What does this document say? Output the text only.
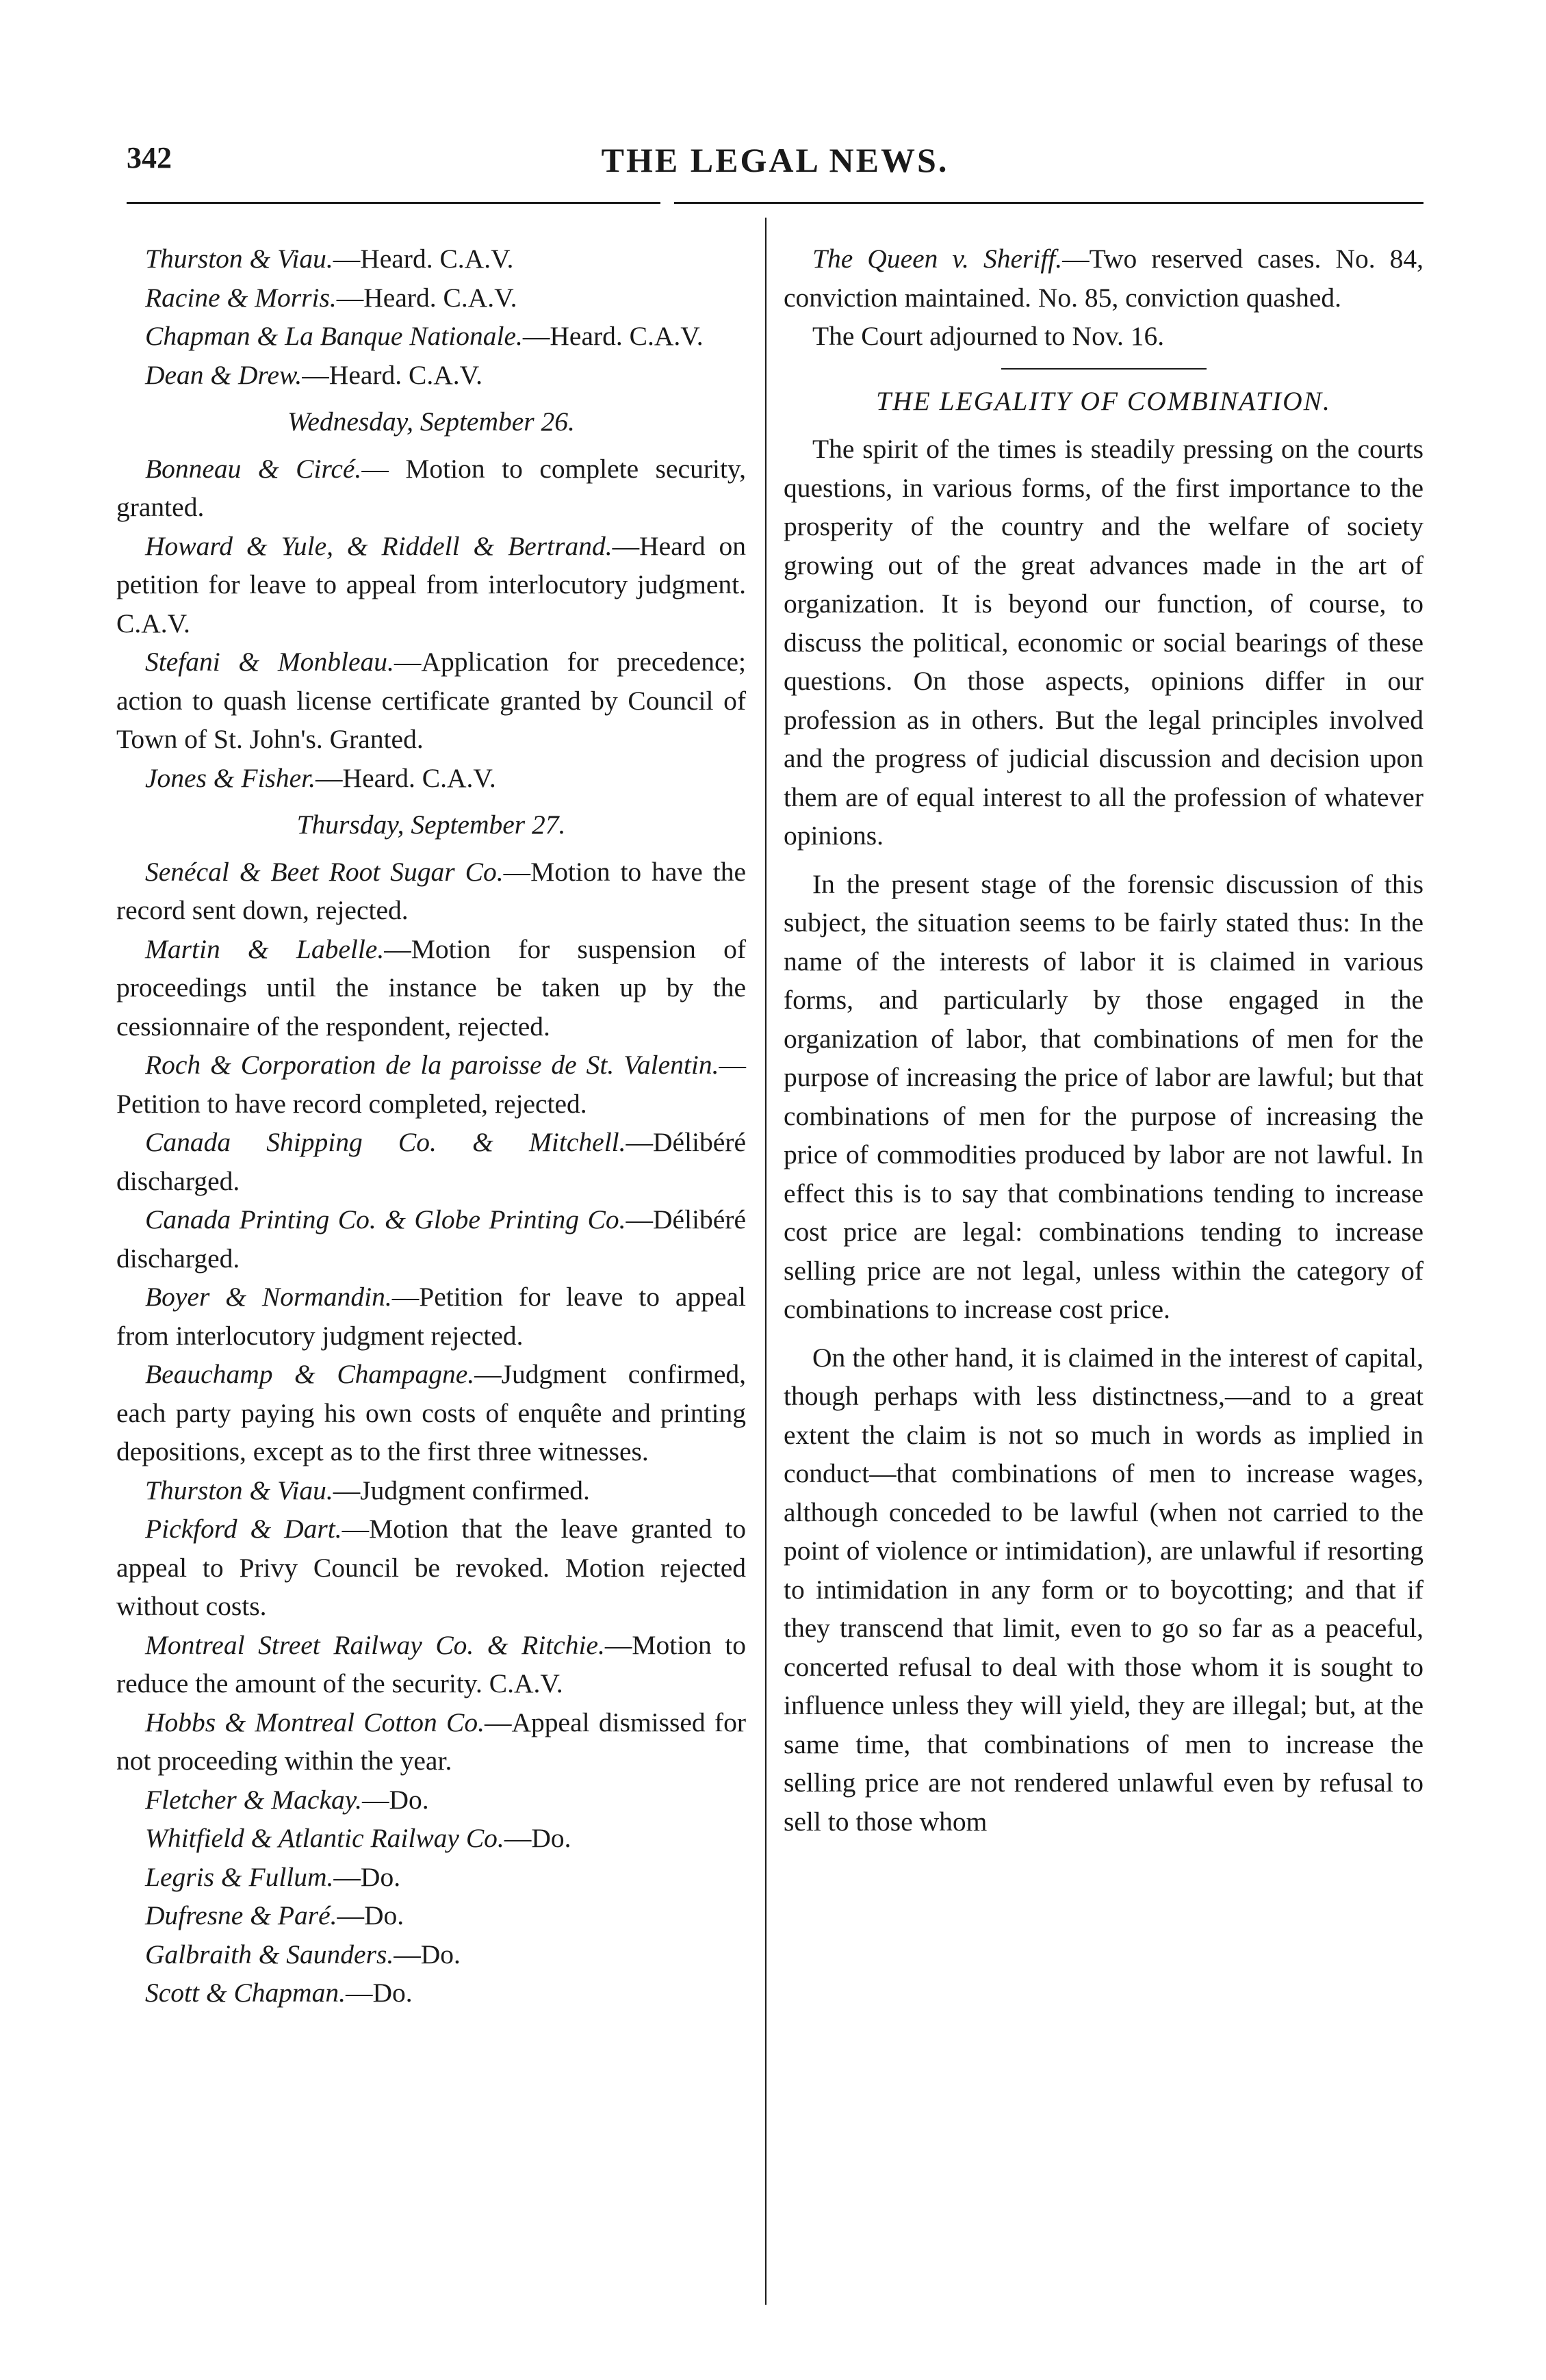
342	THE LEGAL NEWS.

Thurston & Viau.—Heard. C.A.V.

Racine & Morris.—Heard. C.A.V.

Chapman & La Banque Nationale.—Heard. C.A.V.

Dean & Drew.—Heard. C.A.V.

Wednesday, September 26.

Bonneau & Circé.— Motion to complete security, granted.

Howard & Yule, & Riddell & Bertrand.—Heard on petition for leave to appeal from interlocutory judgment. C.A.V.

Stefani & Monbleau.—Application for precedence; action to quash license certificate granted by Council of Town of St. John's. Granted.

Jones & Fisher.—Heard. C.A.V.

Thursday, September 27.

Senécal & Beet Root Sugar Co.—Motion to have the record sent down, rejected.

Martin & Labelle.—Motion for suspension of proceedings until the instance be taken up by the cessionnaire of the respondent, rejected.

Roch & Corporation de la paroisse de St. Valentin.—Petition to have record completed, rejected.

Canada Shipping Co. & Mitchell.—Délibéré discharged.

Canada Printing Co. & Globe Printing Co.—Délibéré discharged.

Boyer & Normandin.—Petition for leave to appeal from interlocutory judgment rejected.

Beauchamp & Champagne.—Judgment confirmed, each party paying his own costs of enquête and printing depositions, except as to the first three witnesses.

Thurston & Viau.—Judgment confirmed.

Pickford & Dart.—Motion that the leave granted to appeal to Privy Council be revoked. Motion rejected without costs.

Montreal Street Railway Co. & Ritchie.—Motion to reduce the amount of the security. C.A.V.

Hobbs & Montreal Cotton Co.—Appeal dismissed for not proceeding within the year.

Fletcher & Mackay.—Do.

Whitfield & Atlantic Railway Co.—Do.

Legris & Fullum.—Do.

Dufresne & Paré.—Do.

Galbraith & Saunders.—Do.

Scott & Chapman.—Do.

The Queen v. Sheriff.—Two reserved cases. No. 84, conviction maintained. No. 85, conviction quashed.

The Court adjourned to Nov. 16.

THE LEGALITY OF COMBINATION.

The spirit of the times is steadily pressing on the courts questions, in various forms, of the first importance to the prosperity of the country and the welfare of society growing out of the great advances made in the art of organization. It is beyond our function, of course, to discuss the political, economic or social bearings of these questions. On those aspects, opinions differ in our profession as in others. But the legal principles involved and the progress of judicial discussion and decision upon them are of equal interest to all the profession of whatever opinions.

In the present stage of the forensic discussion of this subject, the situation seems to be fairly stated thus: In the name of the interests of labor it is claimed in various forms, and particularly by those engaged in the organization of labor, that combinations of men for the purpose of increasing the price of labor are lawful; but that combinations of men for the purpose of increasing the price of commodities produced by labor are not lawful. In effect this is to say that combinations tending to increase cost price are legal: combinations tending to increase selling price are not legal, unless within the category of combinations to increase cost price.

On the other hand, it is claimed in the interest of capital, though perhaps with less distinctness,—and to a great extent the claim is not so much in words as implied in conduct—that combinations of men to increase wages, although conceded to be lawful (when not carried to the point of violence or intimidation), are unlawful if resorting to intimidation in any form or to boycotting; and that if they transcend that limit, even to go so far as a peaceful, concerted refusal to deal with those whom it is sought to influence unless they will yield, they are illegal; but, at the same time, that combinations of men to increase the selling price are not rendered unlawful even by refusal to sell to those whom
